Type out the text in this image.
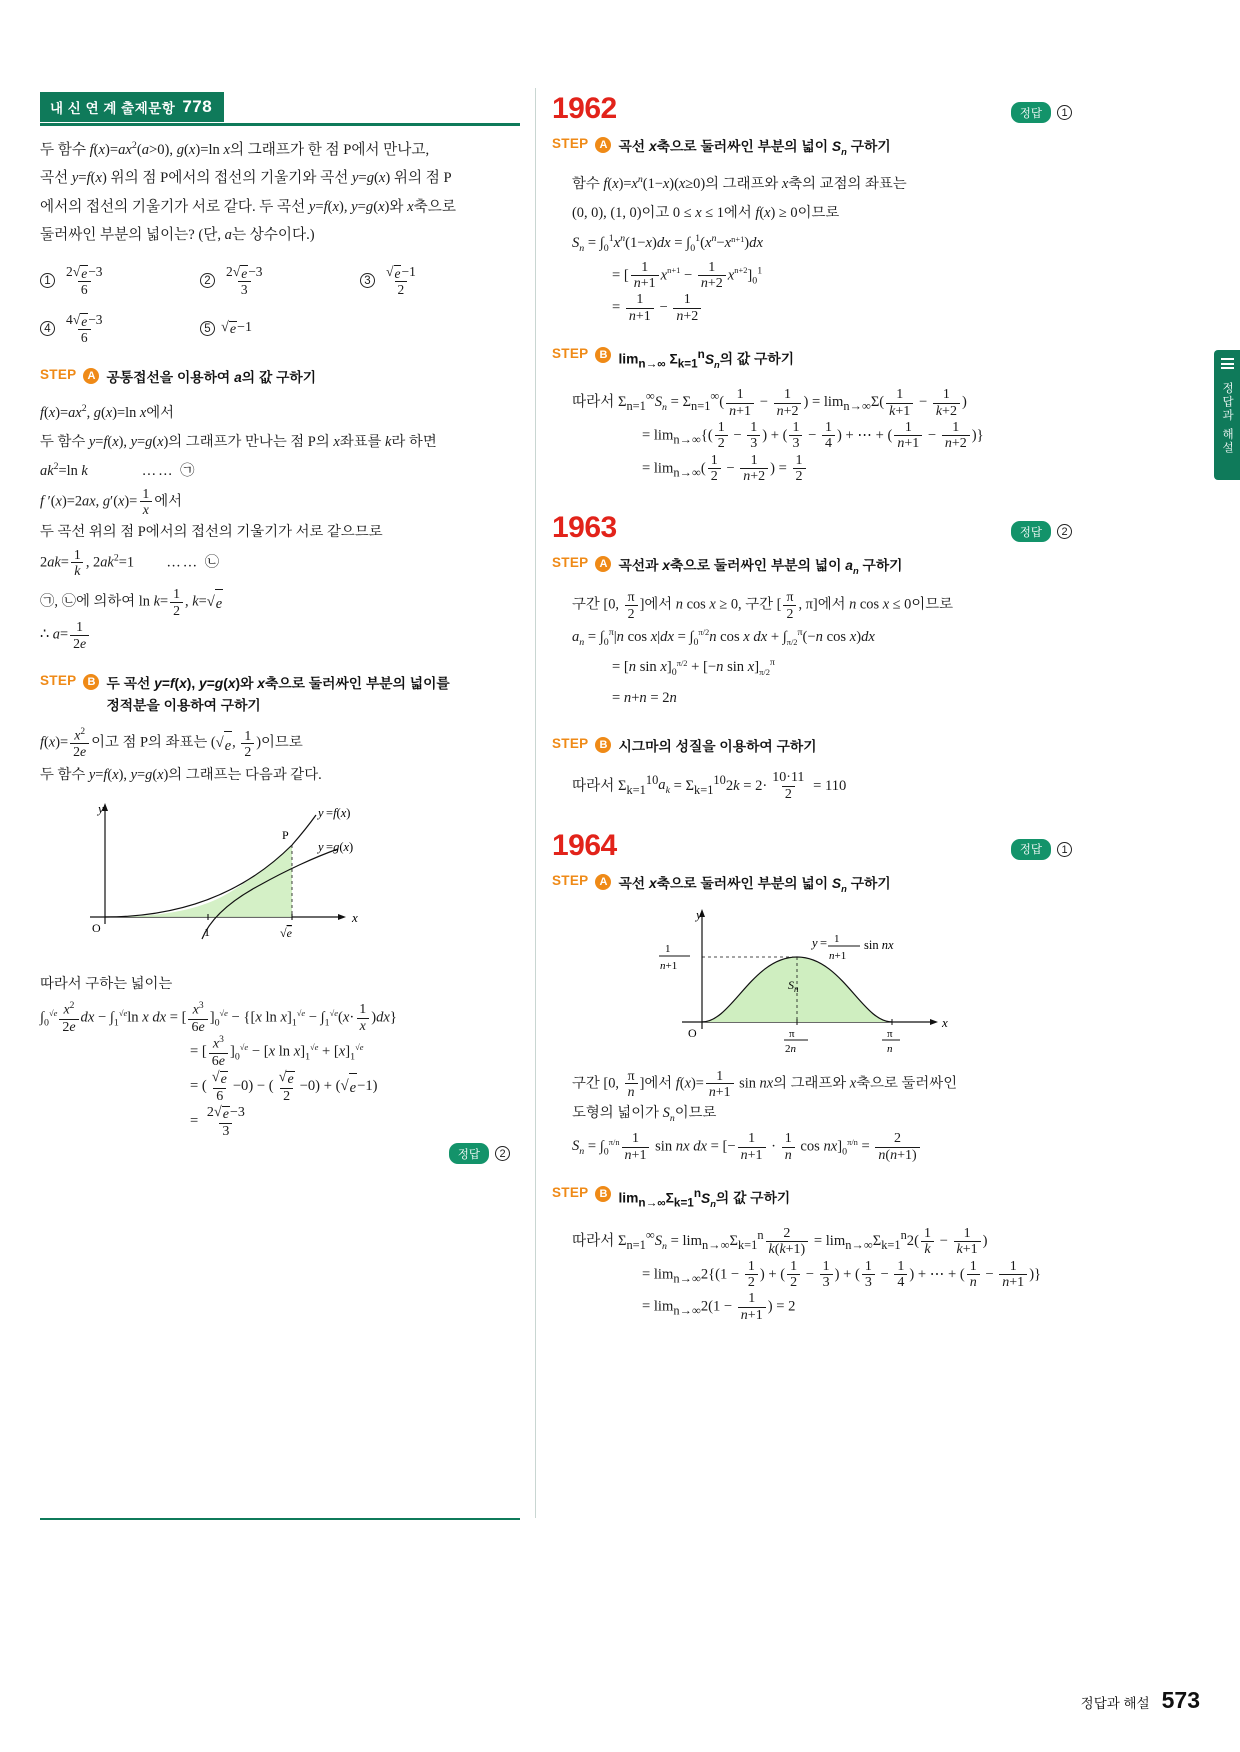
내 신 연 계 출제문항 778
두 함수 $f(x)=ax^2(a>0)$, g(x)=ln x의 그래프가 한 점 P에서 만나고,
곡선 y=f(x) 위의 점 P에서의 접선의 기울기와 곡선 y=g(x) 위의 점 P
에서의 접선의 기울기가 서로 같다. 두 곡선 y=f(x), y=g(x)와 x축으로
둘러싸인 부분의 넓이는? (단, a는 상수이다.)
$1 \frac{2 √ e -3}{6}$	$2 \frac{2 √ e -3}{3}$	$3 \frac{√ e -1}{2}$
$4 \frac{4 √ e -3}{6}$	5 √ e −1
STEP	A 공통접선을 이용하여 a의 값 구하기
$f(x)=ax^2$, g(x)=ln x에서
두 함수 y=f(x), y=g(x)의 그래프가 만나는 점 P의 x좌표를 k라 하면
$ak^2=\ln$ k	…… ㉠
f ′(x)=2ax, $g'(x)= \frac{1}{x}$ 에서
두 곡선 위의 점 P에서의 접선의 기울기가 서로 같으므로
$2ak= \frac{1}{k}$ , $2ak^2=1$         …… ㉡
㉠, ㉡에 의하여 $\ln k= \frac{1}{2}$ , k= √ e
∴ $a= \frac{1}{2e}$
STEP	B 두 곡선 y=f(x), y=g(x)와 x축으로 둘러싸인 부분의 넓이를
정적분을 이용하여 구하기
$f(x)= \frac{x^2}{2e}$ 이고 점 P의 좌표는 ( √ e , $\frac{1}{2}$ )이므로
두 함수 y=f(x), y=g(x)의 그래프는 다음과 같다.
y
x
O	1	√e
P
y =f(x)
y =g(x)
따라서 구하는 넓이는
$\int_0^{√e} \frac{x^2}{2e}$ dx − $\int_1^{√e}\ln$ x dx = [ $\frac{x^3}{6e} ]_0^{√e} - \{[x$ $\ln x]_1^{√e} - \int_1^{√e}(x\cdot \frac{1}{x} )dx$}
= [ $\frac{x^3}{6e} ]_0^{√e} - [x$ $\ln x]_1^{√e} + [x]_1^{√e}$
= ( $\frac{√ e}{6} -0$) − ( $\frac{√ e}{2} -0$) + ( √ e −1)
= $\frac{2 √ e -3}{3}$
정답	2
1962	정답	1
STEP	A 곡선 x축으로 둘러싸인 부분의 넓이 $S_n$ 구하기
함수 $f(x)=x^n(1-x)(x\ge 0)$의 그래프와 x축의 교점의 좌표는
(0, 0), (1, 0)이고 0 ≤ x ≤ 1에서 f(x) ≥ 0이므로
$S_n = \int_0^1x^n(1-x)dx = \int_0^1(x^n-x^{n+1})dx$
= [ $\frac{1}{n+1} x^{n+1} - \frac{1}{n+2} x^{n+2}]_0^1$
= $\frac{1}{n+1} - \frac{1}{n+2}$
STEP	B $\lim_{n\to\infty} \Sigma_{k=1}^nS_n$의 값 구하기
따라서 $\Sigma_{n=1}^\infty S_n = \Sigma_{n=1}^\infty( \frac{1}{n+1} - \frac{1}{n+2}$ ) = $\lim_{n\to\infty}\Sigma( \frac{1}{k+1} - \frac{1}{k+2}$ )
= $\lim_{n\to\infty}\{( \frac{1}{2} - \frac{1}{3}$ ) + ( $\frac{1}{3} - \frac{1}{4}$ ) + ⋯ + ( $\frac{1}{n+1} - \frac{1}{n+2}$ )}
= $\lim_{n\to\infty}( \frac{1}{2} - \frac{1}{n+2}$ ) = $\frac{1}{2}$
1963	정답	2
STEP	A 곡선과 x축으로 둘러싸인 부분의 넓이 $a_n$ 구하기
구간 [0, $\frac{\pi}{2}$ ]에서 n cos x ≥ 0, 구간 [ $\frac{\pi}{2}$ , π]에서 n cos x ≤ 0이므로
$a_n = \int_0^\pi|n$ $\cos x|dx = \int_0^{\pi/2}n$ cos x dx + $\int_{\pi/2}^\pi(-n$ cos x)dx
= [n $\sin x]_0^{\pi/2} + [-n$ $\sin x]_{\pi/2}^\pi$
= n+n = 2n
STEP	B 시그마의 성질을 이용하여 구하기
따라서 $\Sigma_{k=1}^{10}a_k = \Sigma_{k=1}^{10}2k = 2\cdot \frac{10\cdot 11}{2} = 110$
1964	정답	1
STEP	A 곡선 x축으로 둘러싸인 부분의 넓이 $S_n$ 구하기
y
x
O
1
n+1
$S_n$
π
2n
π
n
y = 1
n+1
sin nx
구간 [0, $\frac{\pi}{n}$ ]에서 $f(x)= \frac{1}{n+1}$ sin nx의 그래프와 x축으로 둘러싸인
도형의 넓이가 $S_n$이므로
$S_n = \int_0^{\pi/n} \frac{1}{n+1}$ sin nx dx = [− $\frac{1}{n+1} \cdot \frac{1}{n}$ $\cos nx]_0^{\pi/n} = \frac{2}{n(n+1)}$
STEP	B $\lim_{n\to\infty}\Sigma_{k=1}^nS_n$의 값 구하기
따라서 $\Sigma_{n=1}^\infty S_n = \lim_{n\to\infty}\Sigma_{k=1}^n \frac{2}{k(k+1)} = \lim_{n\to\infty}\Sigma_{k=1}^n2( \frac{1}{k} - \frac{1}{k+1}$ )
= $\lim_{n\to\infty}2\{(1 - \frac{1}{2}$ ) + ( $\frac{1}{2} - \frac{1}{3}$ ) + ( $\frac{1}{3} - \frac{1}{4}$ ) + ⋯ + ( $\frac{1}{n} - \frac{1}{n+1}$ )}
= $\lim_{n\to\infty}2(1 - \frac{1}{n+1}$ ) = 2
정답과 해설
정답과 해설 573
